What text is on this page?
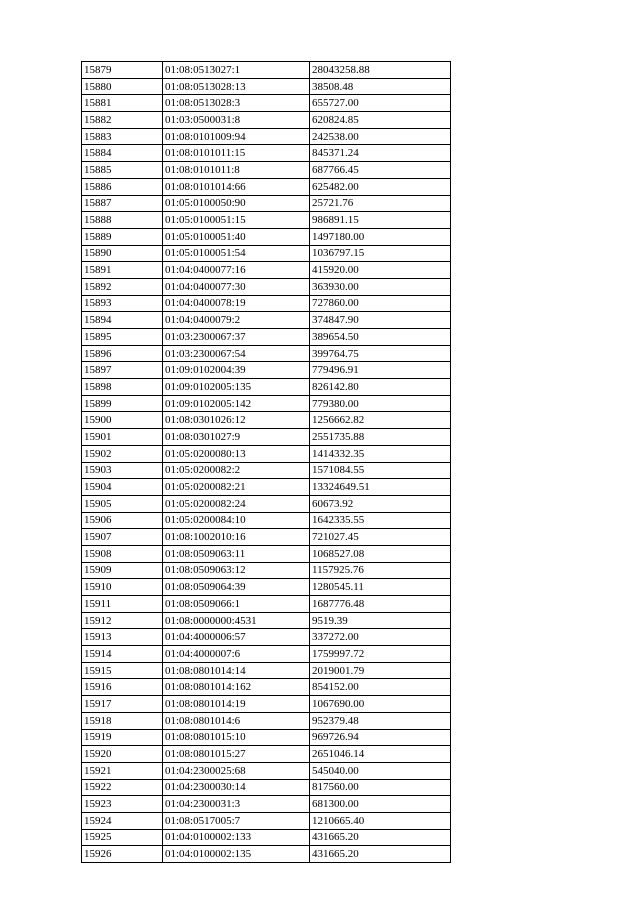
15879	01:08:0513027:1	28043258.88
15880	01:08:0513028:13	38508.48
15881	01:08:0513028:3	655727.00
15882	01:03:0500031:8	620824.85
15883	01:08:0101009:94	242538.00
15884	01:08:0101011:15	845371.24
15885	01:08:0101011:8	687766.45
15886	01:08:0101014:66	625482.00
15887	01:05:0100050:90	25721.76
15888	01:05:0100051:15	986891.15
15889	01:05:0100051:40	1497180.00
15890	01:05:0100051:54	1036797.15
15891	01:04:0400077:16	415920.00
15892	01:04:0400077:30	363930.00
15893	01:04:0400078:19	727860.00
15894	01:04:0400079:2	374847.90
15895	01:03:2300067:37	389654.50
15896	01:03:2300067:54	399764.75
15897	01:09:0102004:39	779496.91
15898	01:09:0102005:135	826142.80
15899	01:09:0102005:142	779380.00
15900	01:08:0301026:12	1256662.82
15901	01:08:0301027:9	2551735.88
15902	01:05:0200080:13	1414332.35
15903	01:05:0200082:2	1571084.55
15904	01:05:0200082:21	13324649.51
15905	01:05:0200082:24	60673.92
15906	01:05:0200084:10	1642335.55
15907	01:08:1002010:16	721027.45
15908	01:08:0509063:11	1068527.08
15909	01:08:0509063:12	1157925.76
15910	01:08:0509064:39	1280545.11
15911	01:08:0509066:1	1687776.48
15912	01:08:0000000:4531	9519.39
15913	01:04:4000006:57	337272.00
15914	01:04:4000007:6	1759997.72
15915	01:08:0801014:14	2019001.79
15916	01:08:0801014:162	854152.00
15917	01:08:0801014:19	1067690.00
15918	01:08:0801014:6	952379.48
15919	01:08:0801015:10	969726.94
15920	01:08:0801015:27	2651046.14
15921	01:04:2300025:68	545040.00
15922	01:04:2300030:14	817560.00
15923	01:04:2300031:3	681300.00
15924	01:08:0517005:7	1210665.40
15925	01:04:0100002:133	431665.20
15926	01:04:0100002:135	431665.20
